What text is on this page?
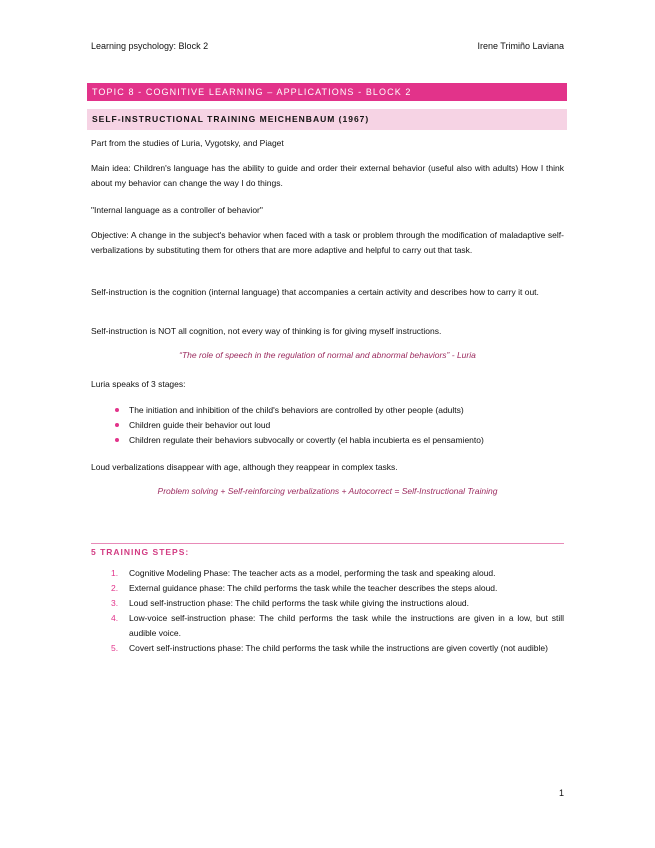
Learning psychology: Block 2	Irene Trimiño Laviana
TOPIC 8 - COGNITIVE LEARNING – APPLICATIONS - BLOCK 2
SELF-INSTRUCTIONAL TRAINING MEICHENBAUM (1967)

Part from the studies of Luria, Vygotsky, and Piaget

Main idea: Children's language has the ability to guide and order their external behavior (useful also with adults) How I think about my behavior can change the way I do things.

"Internal language as a controller of behavior"

Objective: A change in the subject's behavior when faced with a task or problem through the modification of maladaptive self-verbalizations by substituting them for others that are more adaptive and helpful to carry out that task.

Self-instruction is the cognition (internal language) that accompanies a certain activity and describes how to carry it out.

Self-instruction is NOT all cognition, not every way of thinking is for giving myself instructions.

“The role of speech in the regulation of normal and abnormal behaviors” - Luria

Luria speaks of 3 stages:

The initiation and inhibition of the child's behaviors are controlled by other people (adults)
Children guide their behavior out loud
Children regulate their behaviors subvocally or covertly (el habla incubierta es el pensamiento)

Loud verbalizations disappear with age, although they reappear in complex tasks.

Problem solving + Self-reinforcing verbalizations + Autocorrect = Self-Instructional Training
5 TRAINING STEPS:
1. Cognitive Modeling Phase: The teacher acts as a model, performing the task and speaking aloud.
2. External guidance phase: The child performs the task while the teacher describes the steps aloud.
3. Loud self-instruction phase: The child performs the task while giving the instructions aloud.
4. Low-voice self-instruction phase: The child performs the task while the instructions are given in a low, but still audible voice.
5. Covert self-instructions phase: The child performs the task while the instructions are given covertly (not audible)
1
